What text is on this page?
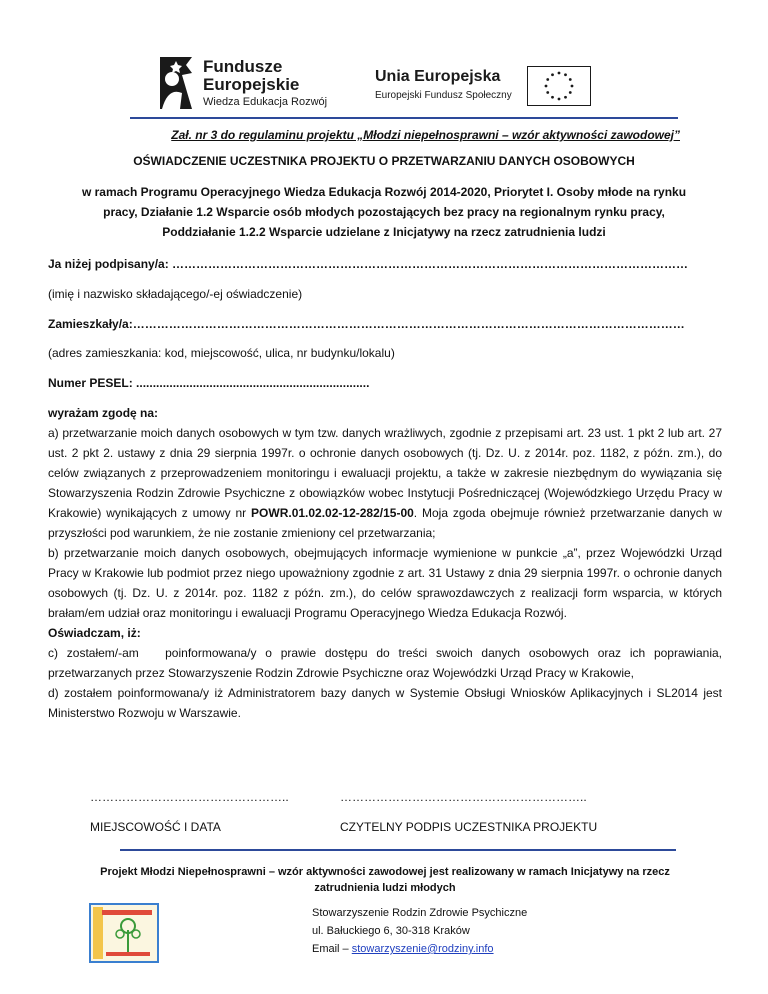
Fundusze
Europejskie
Wiedza Edukacja Rozwój
Unia Europejska
Europejski Fundusz Społeczny
Zał. nr 3 do regulaminu projektu „Młodzi niepełnosprawni – wzór aktywności zawodowej”
OŚWIADCZENIE UCZESTNIKA PROJEKTU O PRZETWARZANIU DANYCH OSOBOWYCH
w ramach Programu Operacyjnego Wiedza Edukacja Rozwój 2014-2020, Priorytet I. Osoby młode na rynku
pracy, Działanie 1.2 Wsparcie osób młodych pozostających bez pracy na regionalnym rynku pracy,
Poddziałanie 1.2.2 Wsparcie udzielane z Inicjatywy na rzecz zatrudnienia ludzi
Ja niżej podpisany/a: …………………………………………………………………………………………………………………
(imię i nazwisko składającego/-ej oświadczenie)
Zamieszkały/a:…………………………………………………………………………………………………………………………
(adres zamieszkania: kod, miejscowość, ulica, nr budynku/lokalu)
Numer PESEL: ......................................................................

wyrażam zgodę na:

a) przetwarzanie moich danych osobowych w tym tzw. danych wrażliwych, zgodnie z przepisami art. 23 ust. 1 pkt 2 lub art. 27 ust. 2 pkt 2. ustawy z dnia 29 sierpnia 1997r. o ochronie danych osobowych (tj. Dz. U. z 2014r. poz. 1182, z późn. zm.), do celów związanych z przeprowadzeniem monitoringu i ewaluacji projektu, a także w zakresie niezbędnym do wywiązania się Stowarzyszenia Rodzin Zdrowie Psychiczne z obowiązków wobec Instytucji Pośredniczącej (Wojewódzkiego Urzędu Pracy w Krakowie) wynikających z umowy nr POWR.01.02.02-12-282/15-00. Moja zgoda obejmuje również przetwarzanie danych w przyszłości pod warunkiem, że nie zostanie zmieniony cel przetwarzania;

b) przetwarzanie moich danych osobowych, obejmujących informacje wymienione w punkcie „a”, przez Wojewódzki Urząd Pracy w Krakowie lub podmiot przez niego upoważniony zgodnie z art. 31 Ustawy z dnia 29 sierpnia 1997r. o ochronie danych osobowych (tj. Dz. U. z 2014r. poz. 1182 z późn. zm.), do celów sprawozdawczych z realizacji form wsparcia, w których brałam/em udział oraz monitoringu i ewaluacji Programu Operacyjnego Wiedza Edukacja Rozwój.

Oświadczam, iż:

c) zostałem/-am   poinformowana/y o prawie dostępu do treści swoich danych osobowych oraz ich poprawiania, przetwarzanych przez Stowarzyszenie Rodzin Zdrowie Psychiczne oraz Wojewódzki Urząd Pracy w Krakowie,

d) zostałem poinformowana/y iż Administratorem bazy danych w Systemie Obsługi Wniosków Aplikacyjnych i SL2014 jest Ministerstwo Rozwoju w Warszawie.

…………………………………………..
MIEJSCOWOŚĆ I DATA
……………………………………………………..
CZYTELNY PODPIS UCZESTNIKA PROJEKTU
Projekt Młodzi Niepełnosprawni – wzór aktywności zawodowej jest realizowany w ramach Inicjatywy na rzecz
zatrudnienia ludzi młodych
Stowarzyszenie Rodzin Zdrowie Psychiczne
ul. Bałuckiego 6, 30-318 Kraków
Email – stowarzyszenie@rodziny.info
